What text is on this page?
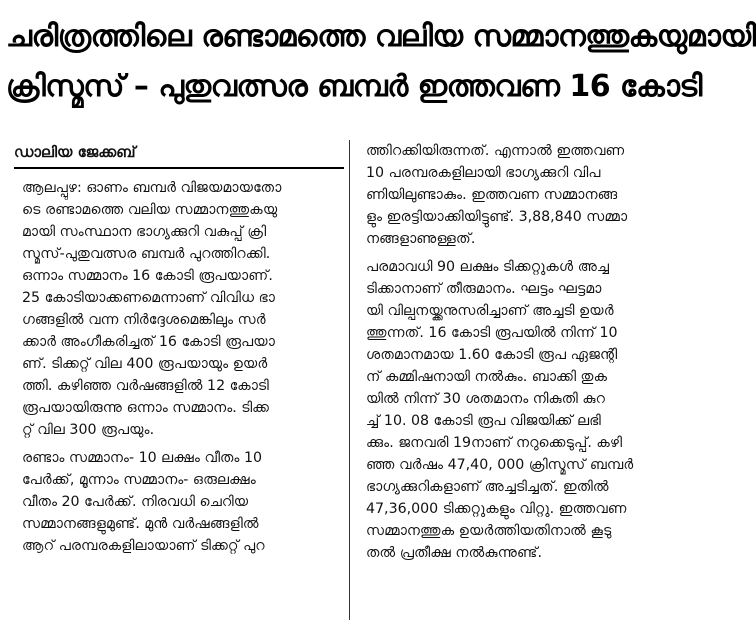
ചരിത്രത്തിലെ രണ്ടാമത്തെ വലിയ സമ്മാനത്തുകയുമായി
ക്രിസ്മസ് – പുതുവത്സര ബമ്പർ ഇത്തവണ 16 കോടി
ഡാലിയ ജേക്കബ്
ആലപ്പുഴ: ഓണം ബമ്പർ വിജയമായതോ
ടെ രണ്ടാമത്തെ വലിയ സമ്മാനത്തുകയു
മായി സംസ്ഥാന ഭാഗ്യക്കുറി വകുപ്പ് ക്രി
സ്മസ്-പുതുവത്സര ബമ്പർ പുറത്തിറക്കി.
ഒന്നാം സമ്മാനം 16 കോടി രൂപയാണ്.
25 കോടിയാക്കണമെന്നാണ് വിവിധ ഭാ
ഗങ്ങളിൽ വന്ന നിർദ്ദേശമെങ്കിലും സർ
ക്കാർ അംഗീകരിച്ചത് 16 കോടി രൂപയാ
ണ്. ടിക്കറ്റ് വില 400 രൂപയായും ഉയർ
ത്തി. കഴിഞ്ഞ വർഷങ്ങളിൽ 12 കോടി
രൂപയായിരുന്നു ഒന്നാം സമ്മാനം. ടിക്ക
റ്റ് വില 300 രൂപയും.
രണ്ടാം സമ്മാനം- 10 ലക്ഷം വീതം 10
പേർക്ക്, മൂന്നാം സമ്മാനം- ഒരുലക്ഷം
വീതം 20 പേർക്ക്. നിരവധി ചെറിയ
സമ്മാനങ്ങളുമുണ്ട്. മുൻ വർഷങ്ങളിൽ
ആറ് പരമ്പരകളിലായാണ് ടിക്കറ്റ് പുറ
ത്തിറക്കിയിരുന്നത്. എന്നാൽ ഇത്തവണ
10 പരമ്പരകളിലായി ഭാഗ്യക്കുറി വിപ
ണിയിലുണ്ടാകും. ഇത്തവണ സമ്മാനങ്ങ
ളും ഇരട്ടിയാക്കിയിട്ടുണ്ട്. 3,88,840 സമ്മാ
നങ്ങളാണുള്ളത്.
പരമാവധി 90 ലക്ഷം ടിക്കറ്റുകൾ അച്ച
ടിക്കാനാണ് തീരുമാനം. ഘട്ടം ഘട്ടമാ
യി വില്പനയ്ക്കനുസരിച്ചാണ് അച്ചടി ഉയർ
ത്തുന്നത്. 16 കോടി രൂപയിൽ നിന്ന് 10
ശതമാനമായ 1.60 കോടി രൂപ ഏജന്റി
ന് കമ്മിഷനായി നൽകും. ബാക്കി തുക
യിൽ നിന്ന് 30 ശതമാനം നികുതി കുറ
ച്ച് 10. 08 കോടി രൂപ വിജയിക്ക് ലഭി
ക്കും. ജനവരി 19നാണ് നറുക്കെടുപ്പ്. കഴി
ഞ്ഞ വർഷം 47,40, 000 ക്രിസ്മസ് ബമ്പർ
ഭാഗ്യക്കുറികളാണ് അച്ചടിച്ചത്. ഇതിൽ
47,36,000 ടിക്കറ്റുകളും വിറ്റു. ഇത്തവണ
സമ്മാനത്തുക ഉയർത്തിയതിനാൽ കൂടു
തൽ പ്രതീക്ഷ നൽകുന്നുണ്ട്.
